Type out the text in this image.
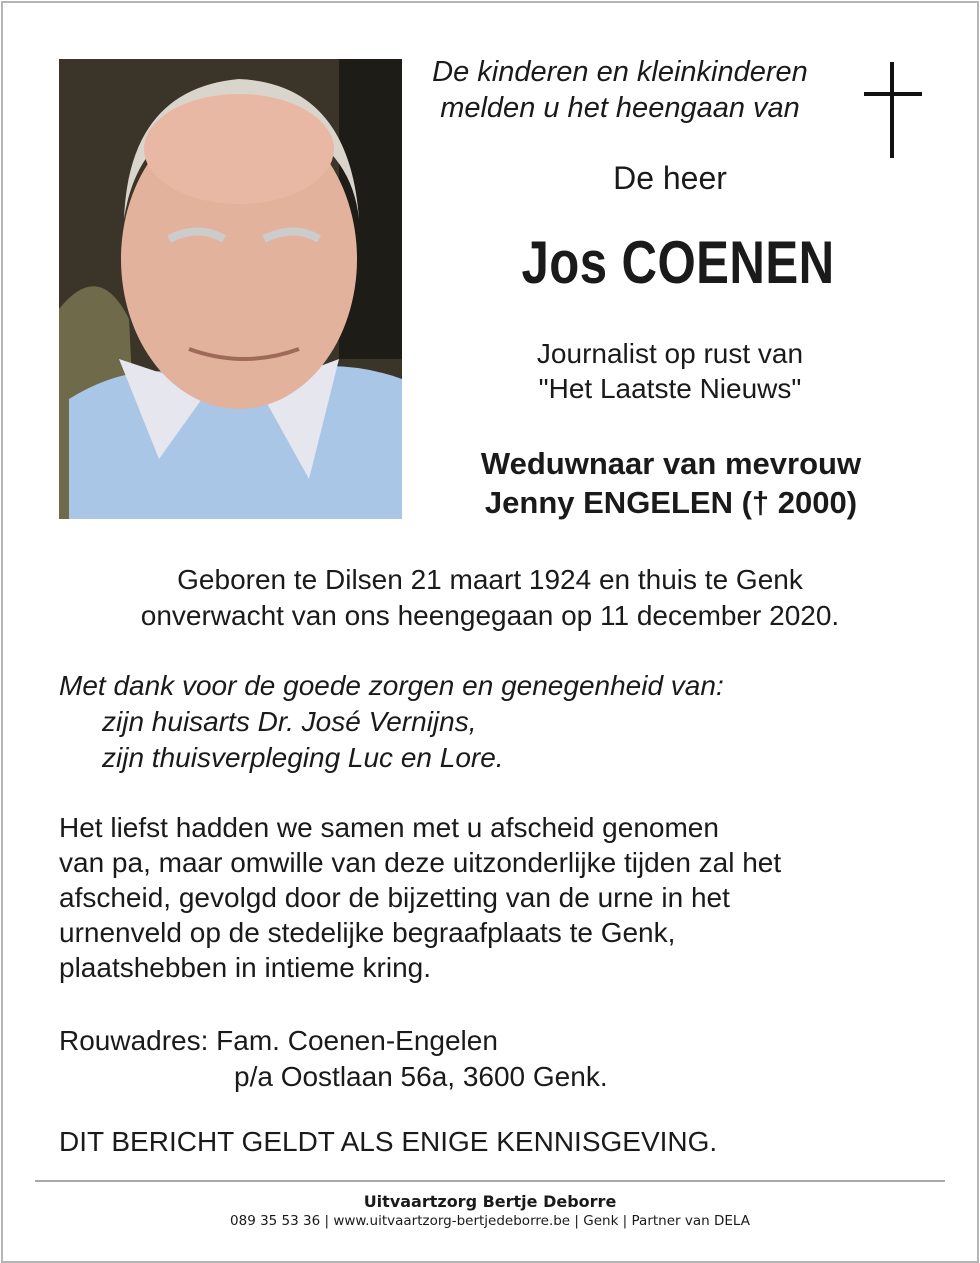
De kinderen en kleinkinderen
melden u het heengaan van
De heer
Jos COENEN
Journalist op rust van
"Het Laatste Nieuws"
Weduwnaar van mevrouw
Jenny ENGELEN († 2000)
Geboren te Dilsen 21 maart 1924 en thuis te Genk
onverwacht van ons heengegaan op 11 december 2020.
Met dank voor de goede zorgen en genegenheid van:
zijn huisarts Dr. José Vernijns,
zijn thuisverpleging Luc en Lore.
Het liefst hadden we samen met u afscheid genomen
van pa, maar omwille van deze uitzonderlijke tijden zal het
afscheid, gevolgd door de bijzetting van de urne in het
urnenveld op de stedelijke begraafplaats te Genk,
plaatshebben in intieme kring.
Rouwadres: Fam. Coenen-Engelen
p/a Oostlaan 56a, 3600 Genk.
DIT BERICHT GELDT ALS ENIGE KENNISGEVING.
Uitvaartzorg Bertje Deborre
089 35 53 36 | www.uitvaartzorg-bertjedeborre.be | Genk | Partner van DELA
